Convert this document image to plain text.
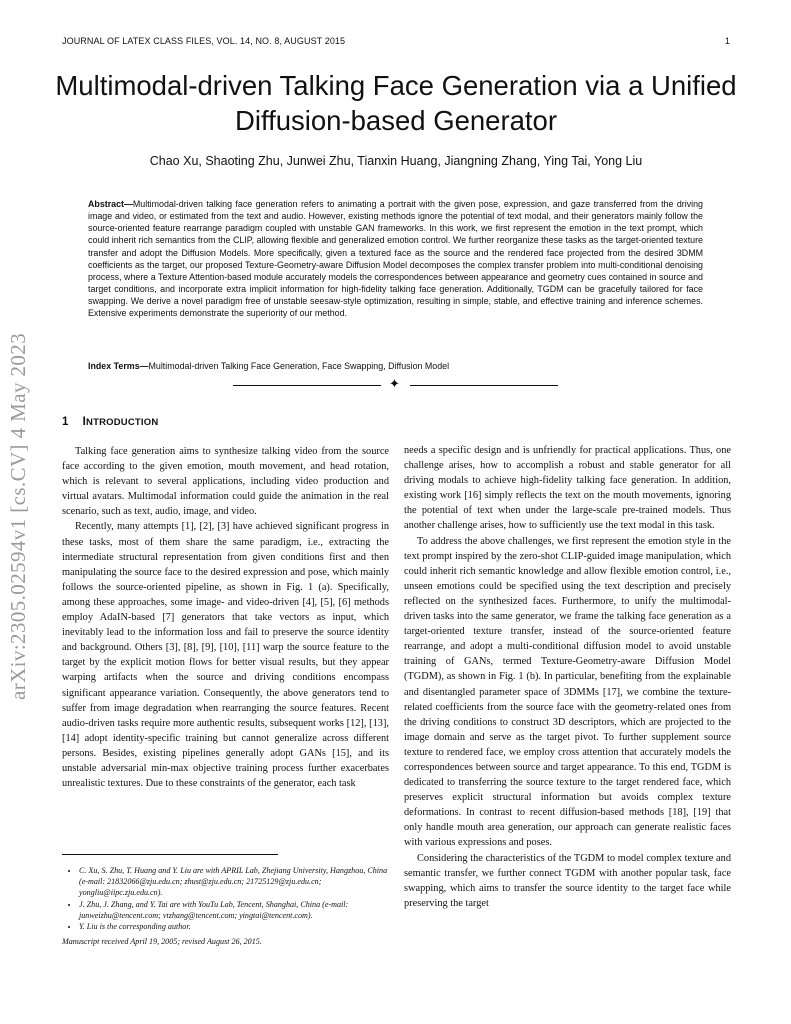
JOURNAL OF LATEX CLASS FILES, VOL. 14, NO. 8, AUGUST 2015	1
arXiv:2305.02594v1 [cs.CV] 4 May 2023
Multimodal-driven Talking Face Generation via a Unified Diffusion-based Generator
Chao Xu, Shaoting Zhu, Junwei Zhu, Tianxin Huang, Jiangning Zhang, Ying Tai, Yong Liu

Abstract—Multimodal-driven talking face generation refers to animating a portrait with the given pose, expression, and gaze transferred from the driving image and video, or estimated from the text and audio. However, existing methods ignore the potential of text modal, and their generators mainly follow the source-oriented feature rearrange paradigm coupled with unstable GAN frameworks. In this work, we first represent the emotion in the text prompt, which could inherit rich semantics from the CLIP, allowing flexible and generalized emotion control. We further reorganize these tasks as the target-oriented texture transfer and adopt the Diffusion Models. More specifically, given a textured face as the source and the rendered face projected from the desired 3DMM coefficients as the target, our proposed Texture-Geometry-aware Diffusion Model decomposes the complex transfer problem into multi-conditional denoising process, where a Texture Attention-based module accurately models the correspondences between appearance and geometry cues contained in source and target conditions, and incorporate extra implicit information for high-fidelity talking face generation. Additionally, TGDM can be gracefully tailored for face swapping. We derive a novel paradigm free of unstable seesaw-style optimization, resulting in simple, stable, and effective training and inference schemes. Extensive experiments demonstrate the superiority of our method.

Index Terms—Multimodal-driven Talking Face Generation, Face Swapping, Diffusion Model
✦
1 INTRODUCTION

Talking face generation aims to synthesize talking video from the source face according to the given emotion, mouth movement, and head rotation, which is relevant to several applications, including video production and virtual avatars. Multimodal information could guide the animation in the real scenario, such as text, audio, image, and video.

Recently, many attempts [1], [2], [3] have achieved significant progress in these tasks, most of them share the same paradigm, i.e., extracting the intermediate structural representation from given conditions first and then manipulating the source face to the desired expression and pose, which mainly follows the source-oriented pipeline, as shown in Fig. 1 (a). Specifically, among these approaches, some image- and video-driven [4], [5], [6] methods employ AdaIN-based [7] generators that take vectors as input, which inevitably lead to the information loss and fail to preserve the source identity and background. Others [3], [8], [9], [10], [11] warp the source feature to the target by the explicit motion flows for better visual results, but they appear warping artifacts when the source and driving conditions encompass significant appearance variation. Consequently, the above generators tend to suffer from image degradation when rearranging the source features. Recent audio-driven tasks require more authentic results, subsequent works [12], [13], [14] adopt identity-specific training but cannot generalize across different persons. Besides, existing pipelines generally adopt GANs [15], and its unstable adversarial min-max objective training process further exacerbates unrealistic textures. Due to these constraints of the generator, each task

needs a specific design and is unfriendly for practical applications. Thus, one challenge arises, how to accomplish a robust and stable generator for all driving modals to achieve high-fidelity talking face generation. In addition, existing work [16] simply reflects the text on the mouth movements, ignoring the potential of text when under the large-scale pre-trained models. Thus another challenge arises, how to sufficiently use the text modal in this task.

To address the above challenges, we first represent the emotion style in the text prompt inspired by the zero-shot CLIP-guided image manipulation, which could inherit rich semantic knowledge and allow flexible emotion control, i.e., unseen emotions could be specified using the text description and precisely reflected on the synthesized faces. Furthermore, to unify the multimodal-driven tasks into the same generator, we frame the talking face generation as a target-oriented texture transfer, instead of the source-oriented feature rearrange, and adopt a multi-conditional diffusion model to avoid unstable training of GANs, termed Texture-Geometry-aware Diffusion Model (TGDM), as shown in Fig. 1 (b). In particular, benefiting from the explainable and disentangled parameter space of 3DMMs [17], we combine the texture-related coefficients from the source face with the geometry-related ones from the driving conditions to construct 3D descriptors, which are projected to the image domain and serve as the target pivot. To further supplement source texture to rendered face, we employ cross attention that accurately models the correspondences between source and target appearance. To this end, TGDM is dedicated to transferring the source texture to the target rendered face, which preserves explicit structural information but avoids complex texture deformations. In contrast to recent diffusion-based methods [18], [19] that only handle mouth area generation, our approach can generate realistic faces with various expressions and poses.

Considering the characteristics of the TGDM to model complex texture and semantic transfer, we further connect TGDM with another popular task, face swapping, which aims to transfer the source identity to the target face while preserving the target

• C. Xu, S. Zhu, T. Huang and Y. Liu are with APRIL Lab, Zhejiang University, Hangzhou, China (e-mail: 21832066@zju.edu.cn; zhust@zju.edu.cn; 21725129@zju.edu.cn; yongliu@iipc.zju.edu.cn).
• J. Zhu, J. Zhang, and Y. Tai are with YouTu Lab, Tencent, Shanghai, China (e-mail: junweizhu@tencent.com; vtzhang@tencent.com; yingtai@tencent.com).
• Y. Liu is the corresponding author.
Manuscript received April 19, 2005; revised August 26, 2015.
